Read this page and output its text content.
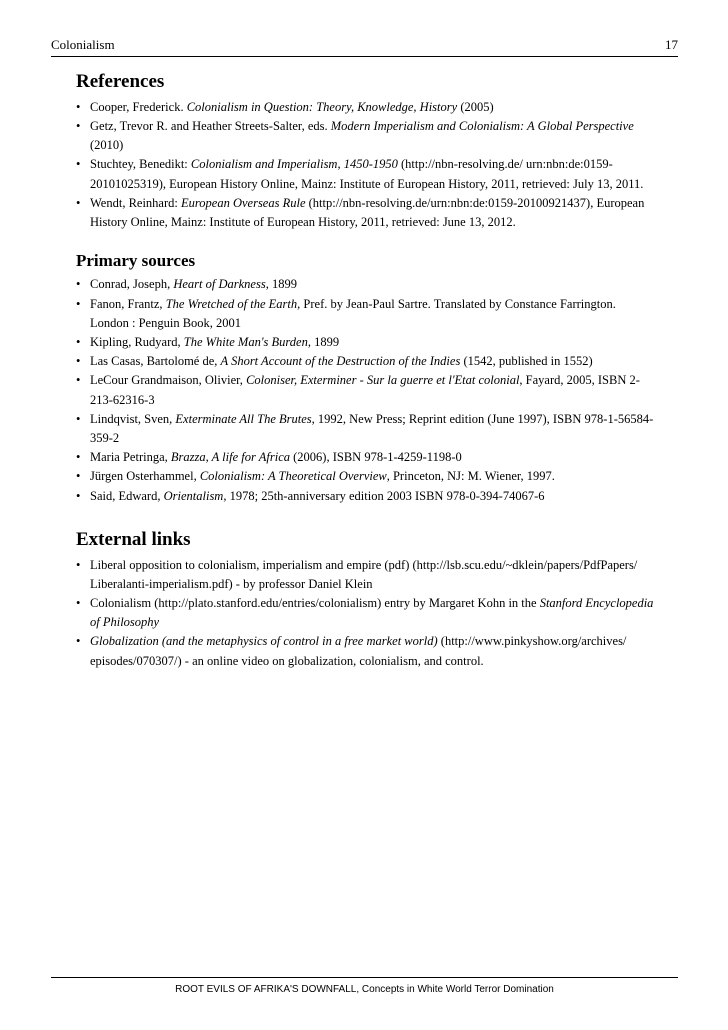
Colonialism	17
References
• Cooper, Frederick. Colonialism in Question: Theory, Knowledge, History (2005)
• Getz, Trevor R. and Heather Streets-Salter, eds. Modern Imperialism and Colonialism: A Global Perspective (2010)
• Stuchtey, Benedikt: Colonialism and Imperialism, 1450-1950 (http://nbn-resolving.de/ urn:nbn:de:0159-20101025319), European History Online, Mainz: Institute of European History, 2011, retrieved: July 13, 2011.
• Wendt, Reinhard: European Overseas Rule (http://nbn-resolving.de/urn:nbn:de:0159-20100921437), European History Online, Mainz: Institute of European History, 2011, retrieved: June 13, 2012.
Primary sources
• Conrad, Joseph, Heart of Darkness, 1899
• Fanon, Frantz, The Wretched of the Earth, Pref. by Jean-Paul Sartre. Translated by Constance Farrington. London : Penguin Book, 2001
• Kipling, Rudyard, The White Man's Burden, 1899
• Las Casas, Bartolomé de, A Short Account of the Destruction of the Indies (1542, published in 1552)
• LeCour Grandmaison, Olivier, Coloniser, Exterminer - Sur la guerre et l'Etat colonial, Fayard, 2005, ISBN 2-213-62316-3
• Lindqvist, Sven, Exterminate All The Brutes, 1992, New Press; Reprint edition (June 1997), ISBN 978-1-56584-359-2
• Maria Petringa, Brazza, A life for Africa (2006), ISBN 978-1-4259-1198-0
• Jürgen Osterhammel, Colonialism: A Theoretical Overview, Princeton, NJ: M. Wiener, 1997.
• Said, Edward, Orientalism, 1978; 25th-anniversary edition 2003 ISBN 978-0-394-74067-6
External links
• Liberal opposition to colonialism, imperialism and empire (pdf) (http://lsb.scu.edu/~dklein/papers/PdfPapers/ Liberalanti-imperialism.pdf) - by professor Daniel Klein
• Colonialism (http://plato.stanford.edu/entries/colonialism) entry by Margaret Kohn in the Stanford Encyclopedia of Philosophy
• Globalization (and the metaphysics of control in a free market world) (http://www.pinkyshow.org/archives/ episodes/070307/) - an online video on globalization, colonialism, and control.
ROOT EVILS OF AFRIKA'S DOWNFALL, Concepts in White World Terror Domination
